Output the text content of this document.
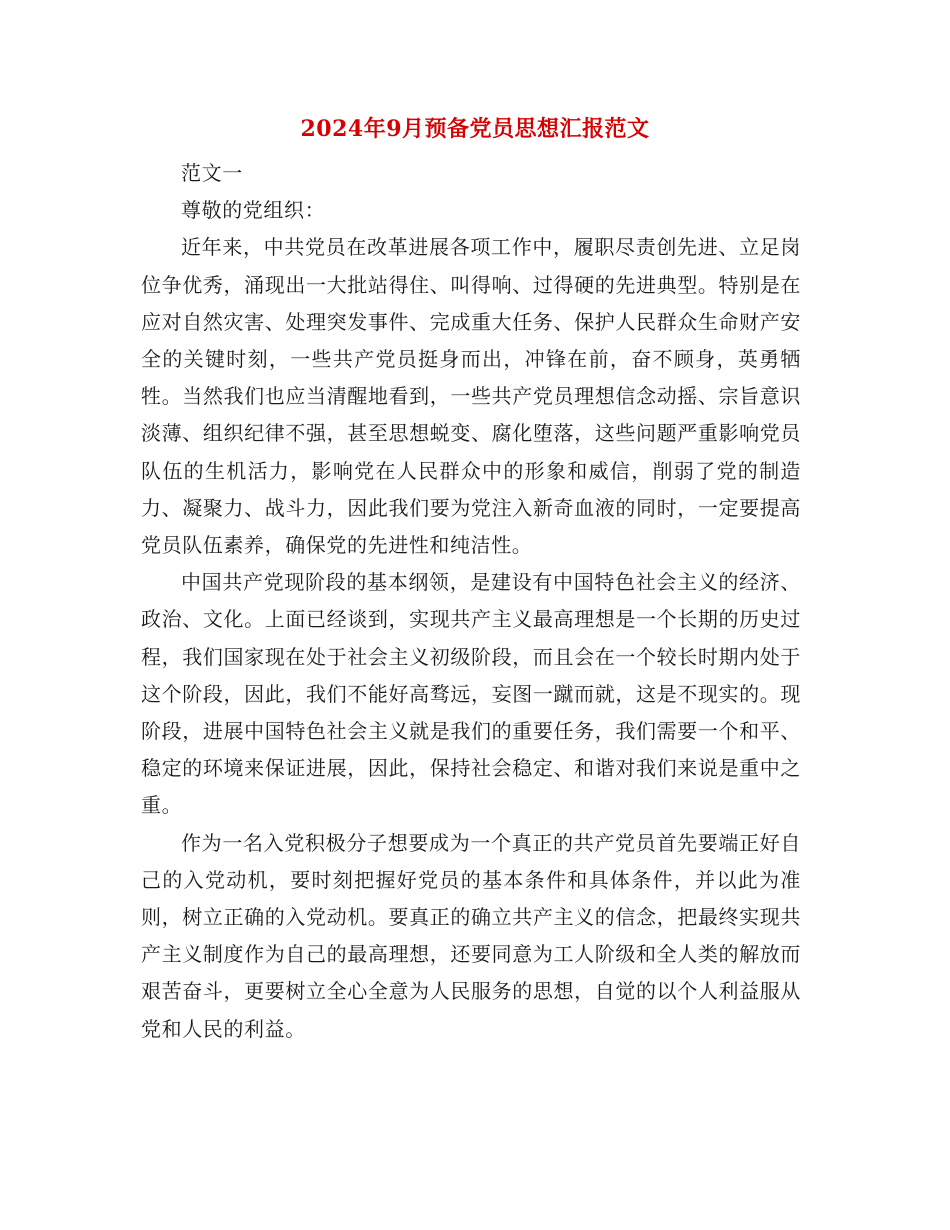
2024年9月预备党员思想汇报范文

范文一

尊敬的党组织：

近年来，中共党员在改革进展各项工作中，履职尽责创先进、立足岗位争优秀，涌现出一大批站得住、叫得响、过得硬的先进典型。特别是在应对自然灾害、处理突发事件、完成重大任务、保护人民群众生命财产安全的关键时刻，一些共产党员挺身而出，冲锋在前，奋不顾身，英勇牺牲。当然我们也应当清醒地看到，一些共产党员理想信念动摇、宗旨意识淡薄、组织纪律不强，甚至思想蜕变、腐化堕落，这些问题严重影响党员队伍的生机活力，影响党在人民群众中的形象和威信，削弱了党的制造力、凝聚力、战斗力，因此我们要为党注入新奇血液的同时，一定要提高党员队伍素养，确保党的先进性和纯洁性。

中国共产党现阶段的基本纲领，是建设有中国特色社会主义的经济、政治、文化。上面已经谈到，实现共产主义最高理想是一个长期的历史过程，我们国家现在处于社会主义初级阶段，而且会在一个较长时期内处于这个阶段，因此，我们不能好高骛远，妄图一蹴而就，这是不现实的。现阶段，进展中国特色社会主义就是我们的重要任务，我们需要一个和平、稳定的环境来保证进展，因此，保持社会稳定、和谐对我们来说是重中之重。

作为一名入党积极分子想要成为一个真正的共产党员首先要端正好自己的入党动机，要时刻把握好党员的基本条件和具体条件，并以此为准则，树立正确的入党动机。要真正的确立共产主义的信念，把最终实现共产主义制度作为自己的最高理想，还要同意为工人阶级和全人类的解放而艰苦奋斗，更要树立全心全意为人民服务的思想，自觉的以个人利益服从党和人民的利益。
